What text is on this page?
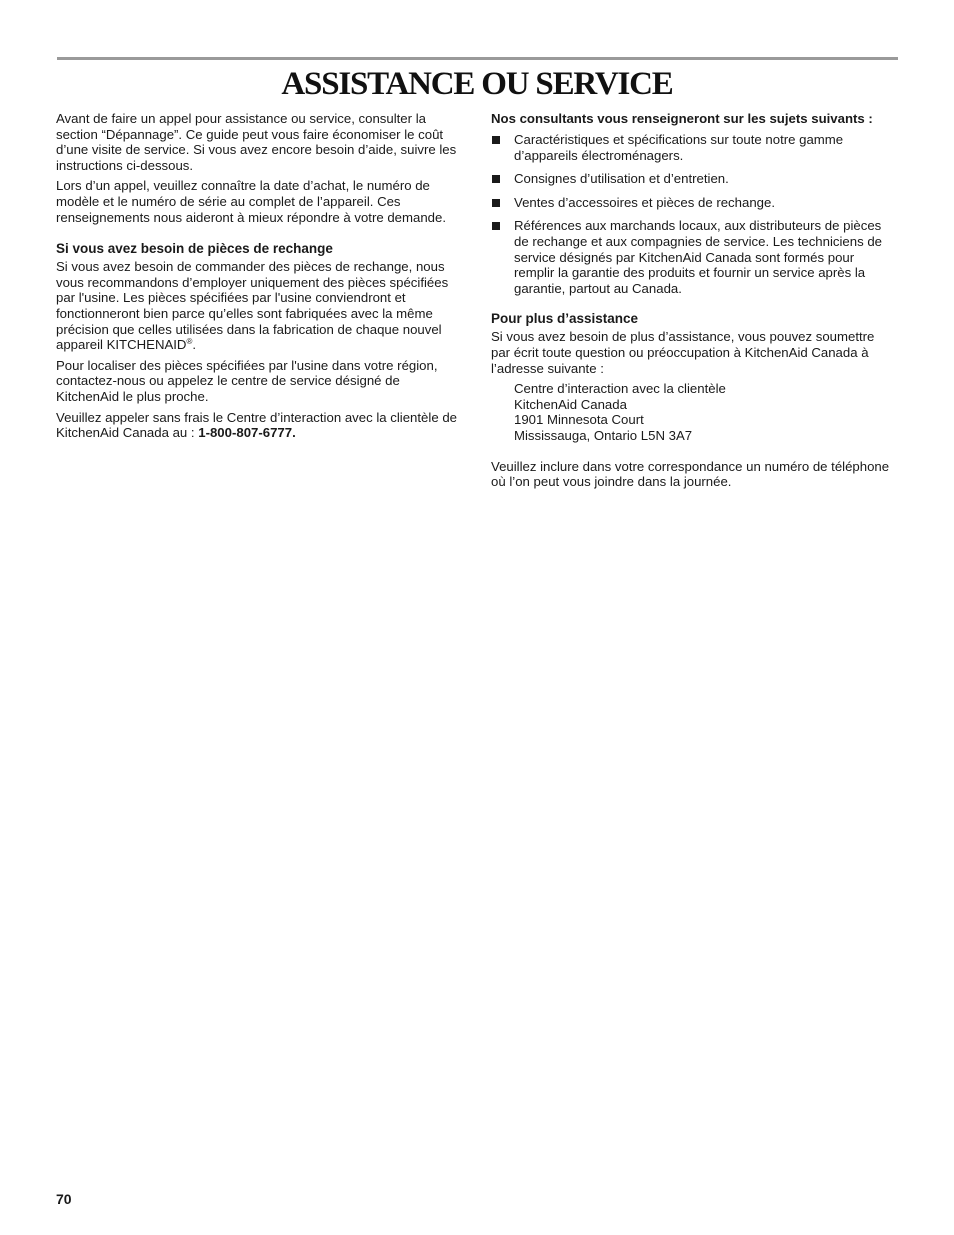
ASSISTANCE OU SERVICE

Avant de faire un appel pour assistance ou service, consulter la section “Dépannage”. Ce guide peut vous faire économiser le coût d’une visite de service. Si vous avez encore besoin d’aide, suivre les instructions ci-dessous.

Lors d’un appel, veuillez connaître la date d’achat, le numéro de modèle et le numéro de série au complet de l’appareil. Ces renseignements nous aideront à mieux répondre à votre demande.

Si vous avez besoin de pièces de rechange

Si vous avez besoin de commander des pièces de rechange, nous vous recommandons d’employer uniquement des pièces spécifiées par l'usine. Les pièces spécifiées par l'usine conviendront et fonctionneront bien parce qu’elles sont fabriquées avec la même précision que celles utilisées dans la fabrication de chaque nouvel appareil KITCHENAID®.

Pour localiser des pièces spécifiées par l'usine dans votre région, contactez-nous ou appelez le centre de service désigné de KitchenAid le plus proche.

Veuillez appeler sans frais le Centre d’interaction avec la clientèle de KitchenAid Canada au : 1-800-807-6777.

Nos consultants vous renseigneront sur les sujets suivants :
Caractéristiques et spécifications sur toute notre gamme d’appareils électroménagers.
Consignes d’utilisation et d’entretien.
Ventes d’accessoires et pièces de rechange.
Références aux marchands locaux, aux distributeurs de pièces de rechange et aux compagnies de service. Les techniciens de service désignés par KitchenAid Canada sont formés pour remplir la garantie des produits et fournir un service après la garantie, partout au Canada.
Pour plus d’assistance

Si vous avez besoin de plus d’assistance, vous pouvez soumettre par écrit toute question ou préoccupation à KitchenAid Canada à l’adresse suivante :

Centre d’interaction avec la clientèle
KitchenAid Canada
1901 Minnesota Court
Mississauga, Ontario L5N 3A7

Veuillez inclure dans votre correspondance un numéro de téléphone où l’on peut vous joindre dans la journée.

70
